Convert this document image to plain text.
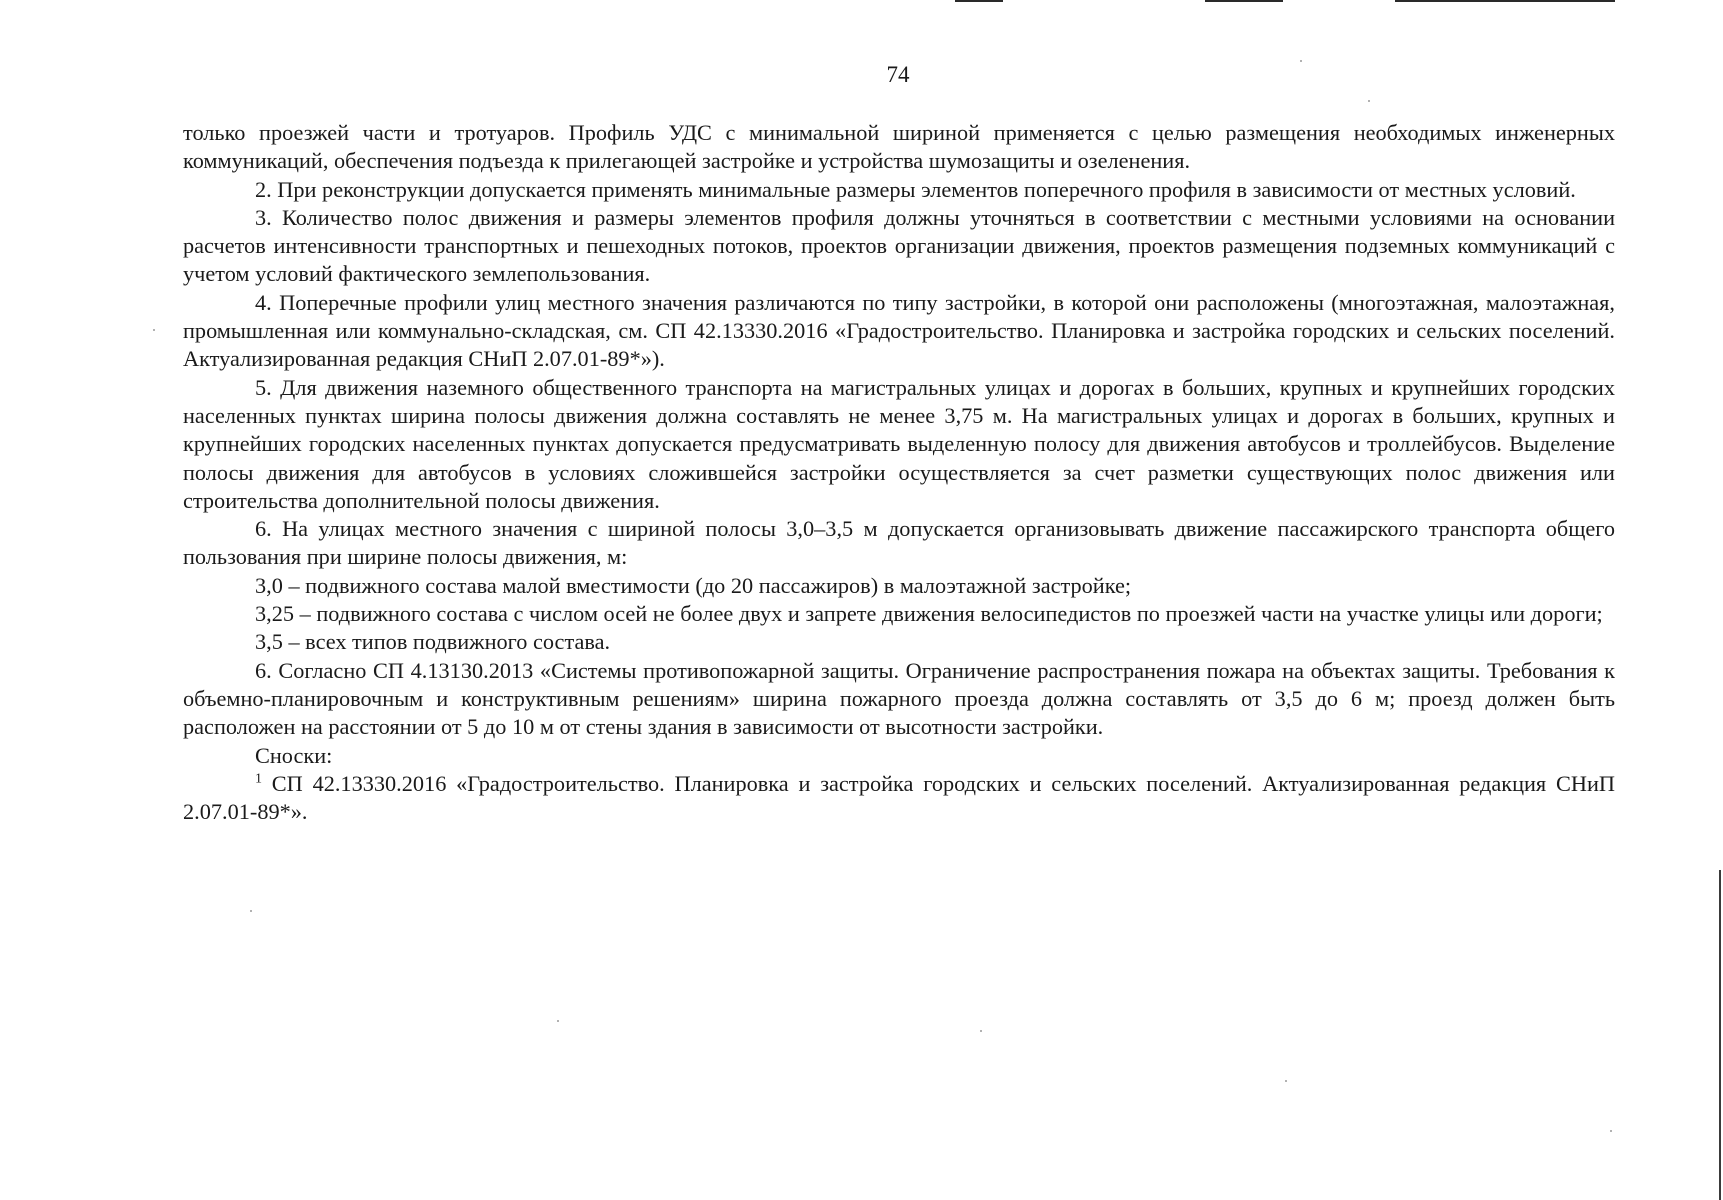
74

только проезжей части и тротуаров. Профиль УДС с минимальной шириной применяется с целью размещения необходимых инженерных коммуникаций, обеспечения подъезда к прилегающей застройке и устройства шумозащиты и озеленения.

2. При реконструкции допускается применять минимальные размеры элементов поперечного профиля в зависимости от местных условий.

3. Количество полос движения и размеры элементов профиля должны уточняться в соответствии с местными условиями на основании расчетов интенсивности транспортных и пешеходных потоков, проектов организации движения, проектов размещения подземных коммуникаций с учетом условий фактического землепользования.

4. Поперечные профили улиц местного значения различаются по типу застройки, в которой они расположены (многоэтажная, малоэтажная, промышленная или коммунально-складская, см. СП 42.13330.2016 «Градостроительство. Планировка и застройка городских и сельских поселений. Актуализированная редакция СНиП 2.07.01-89*»).

5. Для движения наземного общественного транспорта на магистральных улицах и дорогах в больших, крупных и крупнейших городских населенных пунктах ширина полосы движения должна составлять не менее 3,75 м. На магистральных улицах и дорогах в больших, крупных и крупнейших городских населенных пунктах допускается предусматривать выделенную полосу для движения автобусов и троллейбусов. Выделение полосы движения для автобусов в условиях сложившейся застройки осуществляется за счет разметки существующих полос движения или строительства дополнительной полосы движения.

6. На улицах местного значения с шириной полосы 3,0–3,5 м допускается организовывать движение пассажирского транспорта общего пользования при ширине полосы движения, м:

3,0 – подвижного состава малой вместимости (до 20 пассажиров) в малоэтажной застройке;

3,25 – подвижного состава с числом осей не более двух и запрете движения велосипедистов по проезжей части на участке улицы или дороги;

3,5 – всех типов подвижного состава.

6. Согласно СП 4.13130.2013 «Системы противопожарной защиты. Ограничение распространения пожара на объектах защиты. Требования к объемно-планировочным и конструктивным решениям» ширина пожарного проезда должна составлять от 3,5 до 6 м; проезд должен быть расположен на расстоянии от 5 до 10 м от стены здания в зависимости от высотности застройки.

Сноски:

$^1$ СП 42.13330.2016 «Градостроительство. Планировка и застройка городских и сельских поселений. Актуализированная редакция СНиП 2.07.01-89*».
